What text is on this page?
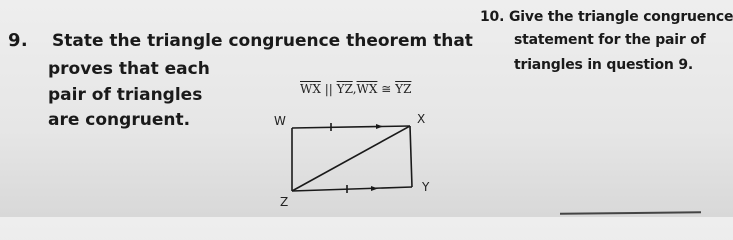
9. State the triangle congruence theorem that
proves that each
pair of triangles
are congruent.
10. Give the triangle congruence
statement for the pair of
triangles in question 9.
$\overline{WX}$ || $\overline{YZ},\overline{WX}$ ≅ $\overline{YZ}$
W	X
Y
Z
